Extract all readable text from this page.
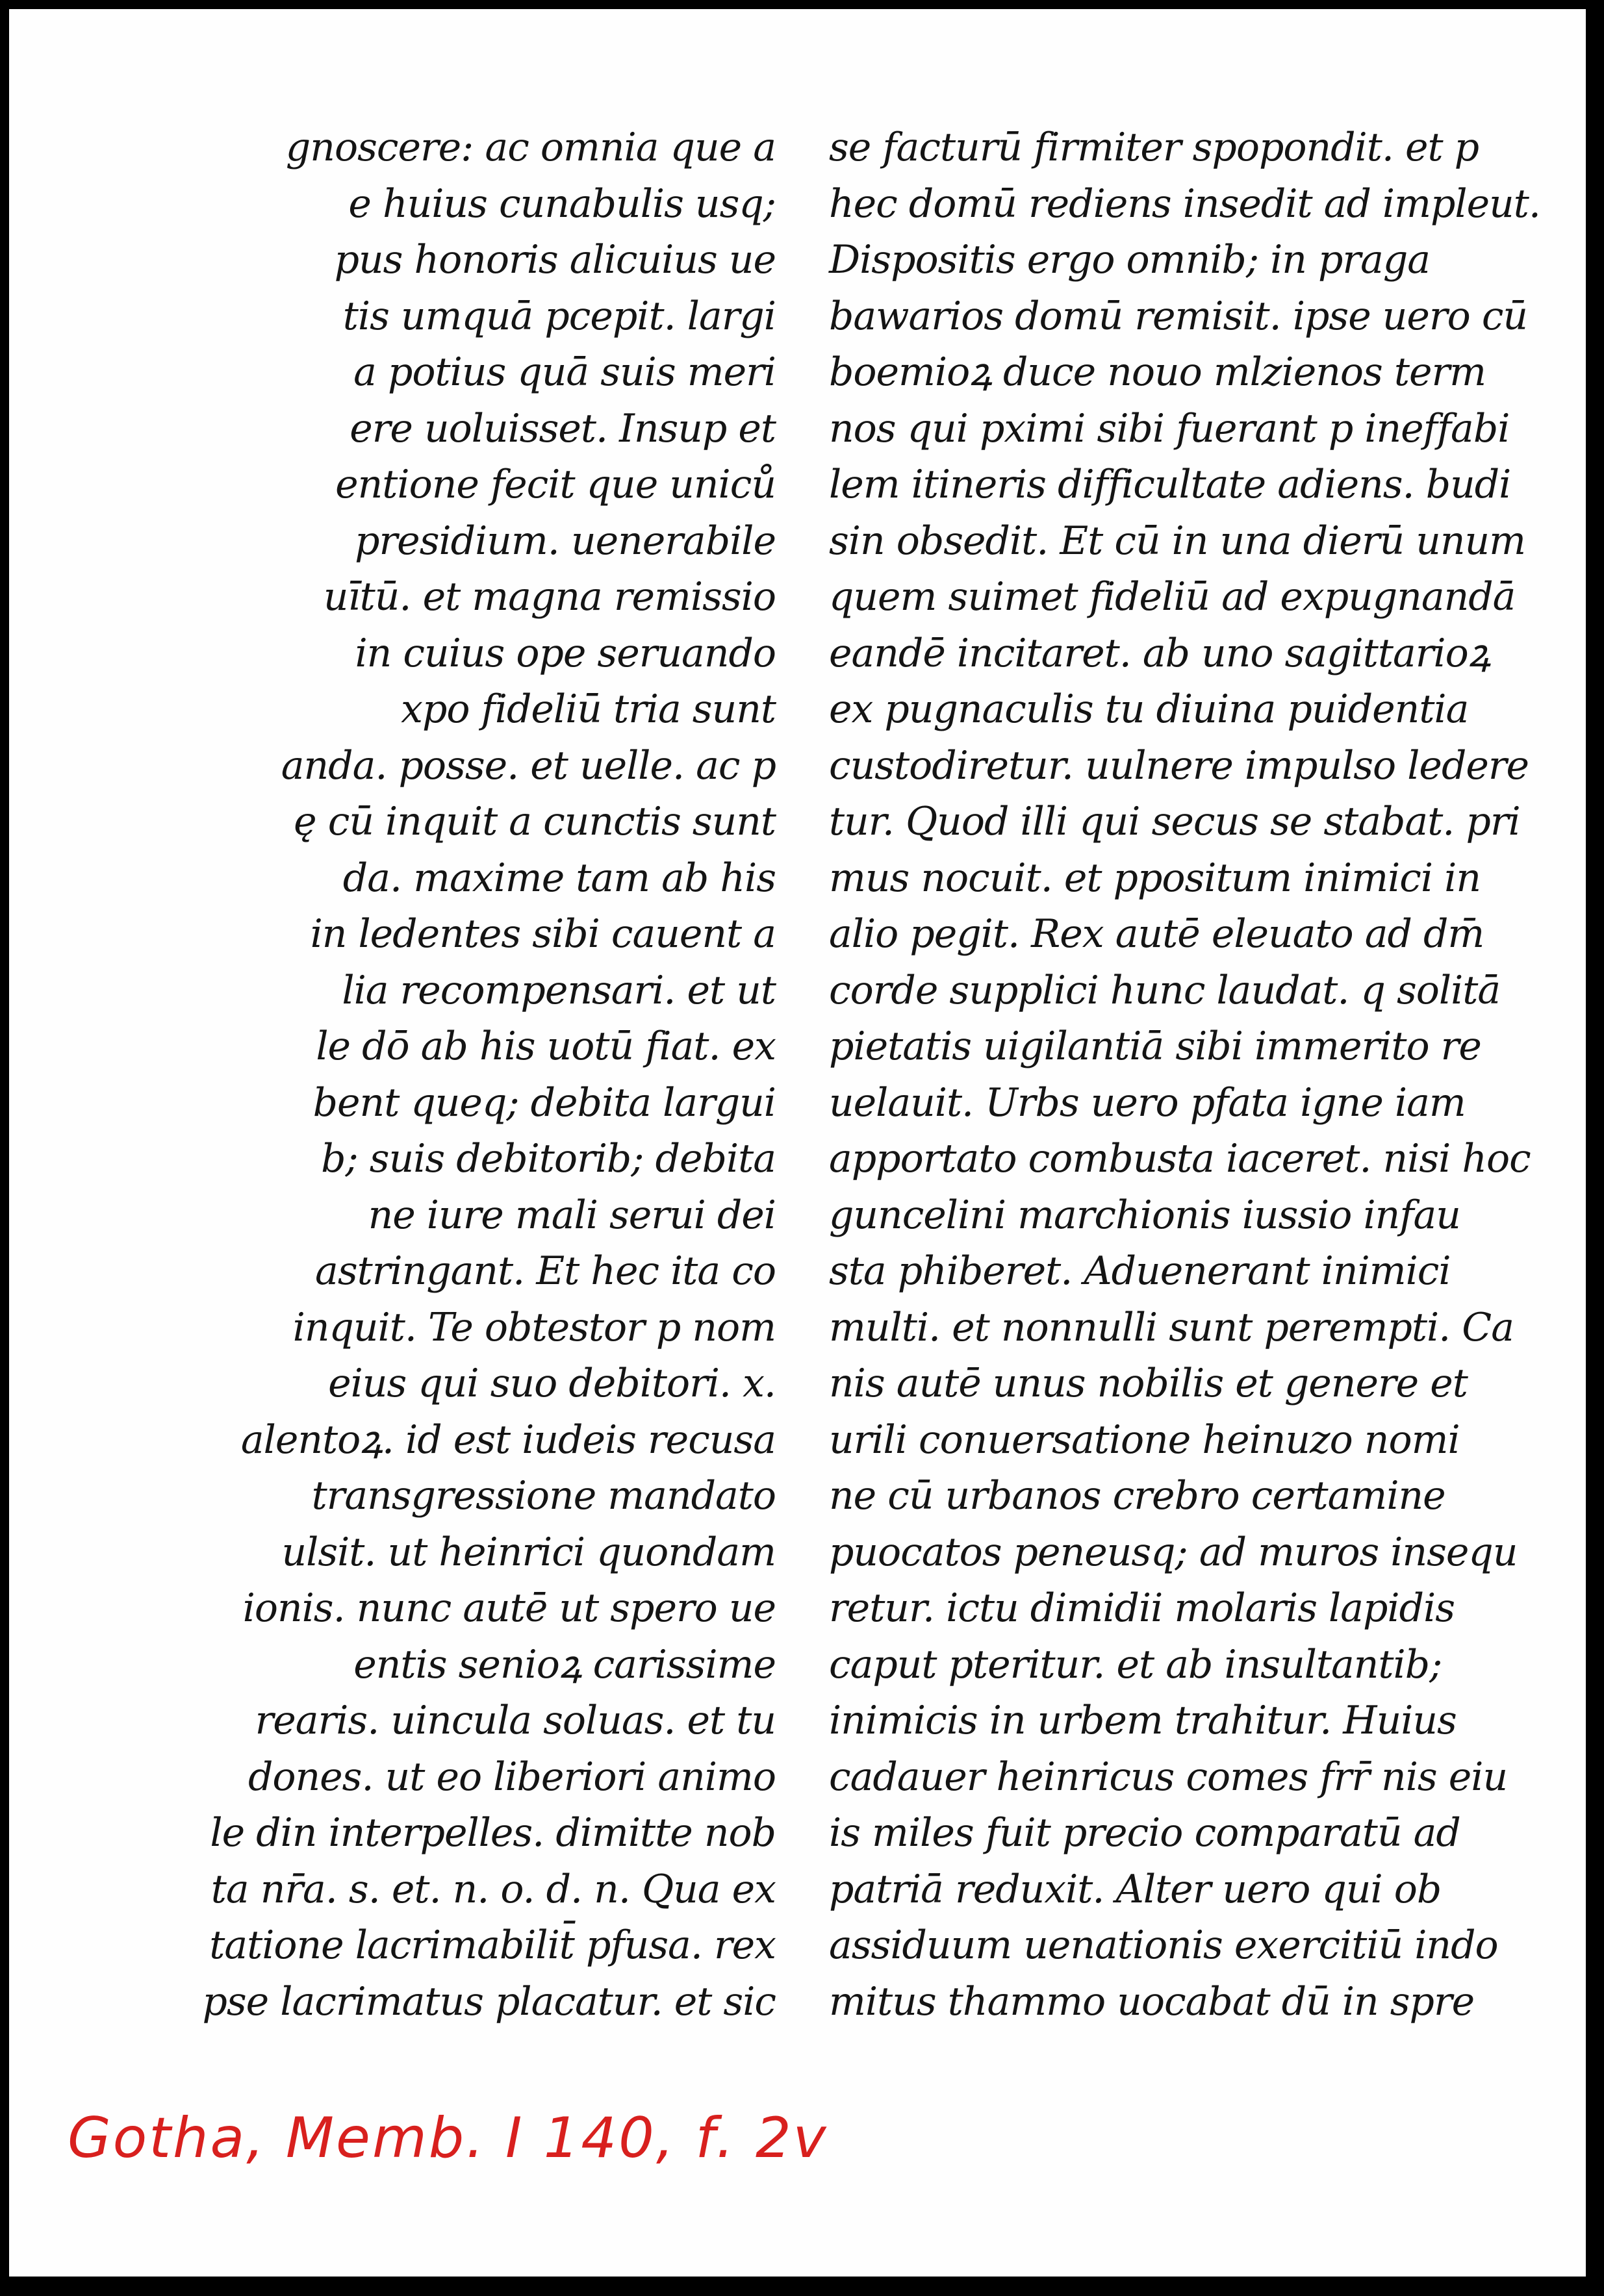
gnoscere: ac omnia que a
e huius cunabulis usq;
pus honoris alicuius ue
tis umquā pcepit. largi
a potius quā suis meri
ere uoluisset. Insup et
entione fecit que uniců
presidium. uenerabile
uītū. et magna remissio
in cuius ope seruando
xpo fideliū tria sunt
anda. posse. et uelle. ac p
ę cū inquit a cunctis sunt
da. maxime tam ab his
in ledentes sibi cauent a
lia recompensari. et ut
le dō ab his uotū fiat. ex
bent queq; debita largui
b; suis debitorib; debita
ne iure mali serui dei
astringant. Et hec ita co
inquit. Te obtestor p nom
eius qui suo debitori. x.
alentoꝝ. id est iudeis recusa
transgressione mandato
ulsit. ut heinrici quondam
ionis. nunc autē ut spero ue
entis senioꝝ carissime
rearis. uincula soluas. et tu
dones. ut eo liberiori animo
le din interpelles. dimitte nob
ta nr̄a. s. et. n. o. d. n. Qua ex
tatione lacrimabilit̄ pfusa. rex
pse lacrimatus placatur. et sic
se facturū firmiter spopondit. et p
hec domū rediens insedit ad impleut.
Dispositis ergo omnib; in praga
bawarios domū remisit. ipse uero cū
boemioꝝ duce nouo mlzienos term
nos qui pximi sibi fuerant p ineffabi
lem itineris difficultate adiens. budi
sin obsedit. Et cū in una dierū unum
quem suimet fideliū ad expugnandā
eandē incitaret. ab uno sagittarioꝝ
ex pugnaculis tu diuina puidentia
custodiretur. uulnere impulso ledere
tur. Quod illi qui secus se stabat. pri
mus nocuit. et ppositum inimici in
alio pegit. Rex autē eleuato ad dm̄
corde supplici hunc laudat. q solitā
pietatis uigilantiā sibi immerito re
uelauit. Urbs uero pfata igne iam
apportato combusta iaceret. nisi hoc
guncelini marchionis iussio infau
sta phiberet. Aduenerant inimici
multi. et nonnulli sunt perempti. Ca
nis autē unus nobilis et genere et
urili conuersatione heinuzo nomi
ne cū urbanos crebro certamine
puocatos peneusq; ad muros insequ
retur. ictu dimidii molaris lapidis
caput pteritur. et ab insultantib;
inimicis in urbem trahitur. Huius
cadauer heinricus comes frr̄ nis eiu
is miles fuit precio comparatū ad
patriā reduxit. Alter uero qui ob
assiduum uenationis exercitiū indo
mitus thammo uocabat dū in spre
Gotha, Memb. I 140, f. 2v
